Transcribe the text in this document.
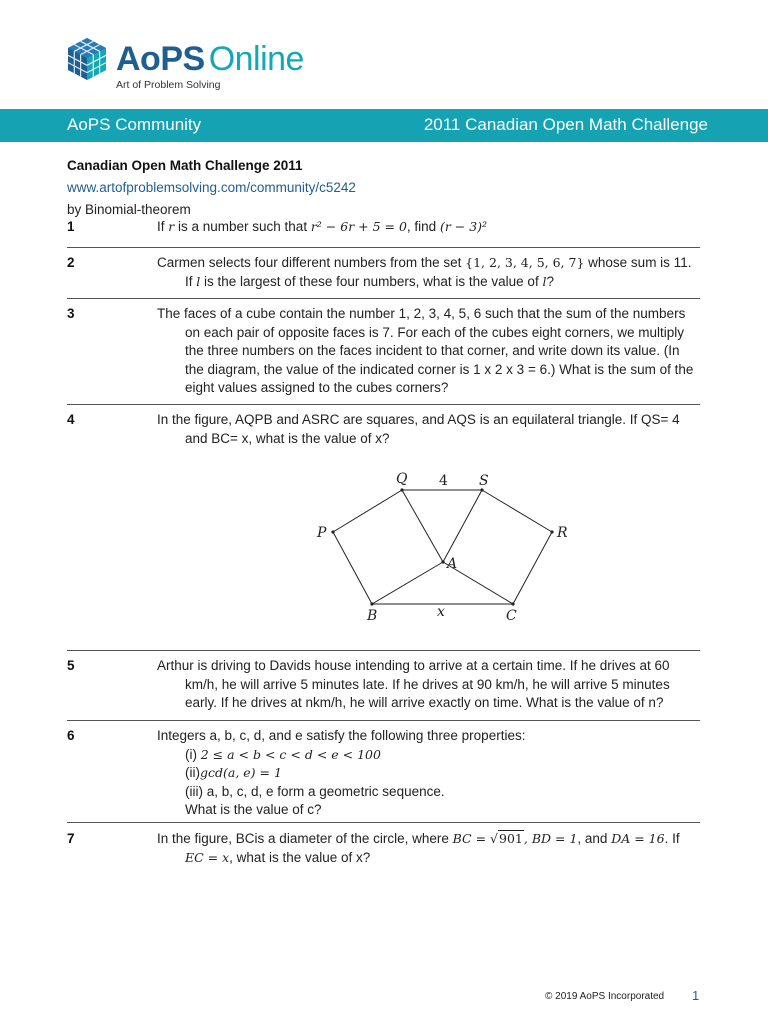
AoPS Online
Art of Problem Solving
AoPS Community	2011 Canadian Open Math Challenge
Canadian Open Math Challenge 2011
www.artofproblemsolving.com/community/c5242
by Binomial-theorem
1	If r is a number such that r² − 6r + 5 = 0, find (r − 3)²
2	Carmen selects four different numbers from the set {1, 2, 3, 4, 5, 6, 7} whose sum is 11. If l is the largest of these four numbers, what is the value of l?
3	The faces of a cube contain the number 1, 2, 3, 4, 5, 6 such that the sum of the numbers on each pair of opposite faces is 7. For each of the cubes eight corners, we multiply the three numbers on the faces incident to that corner, and write down its value. (In the diagram, the value of the indicated corner is 1 x 2 x 3 = 6.) What is the sum of the eight values assigned to the cubes corners?
4	In the figure, AQPB and ASRC are squares, and AQS is an equilateral triangle. If QS= 4 and BC= x, what is the value of x?
Q	S
4
P	R
A
B	x	C
5	Arthur is driving to Davids house intending to arrive at a certain time. If he drives at 60 km/h, he will arrive 5 minutes late. If he drives at 90 km/h, he will arrive 5 minutes early. If he drives at nkm/h, he will arrive exactly on time. What is the value of n?
6	Integers a, b, c, d, and e satisfy the following three properties:
(i) 2 ≤ a < b < c < d < e < 100
(ii)gcd(a, e) = 1
(iii) a, b, c, d, e form a geometric sequence.
What is the value of c?
7	In the figure, BCis a diameter of the circle, where BC = √901, BD = 1, and DA = 16. If EC = x, what is the value of x?
© 2019 AoPS Incorporated 1
